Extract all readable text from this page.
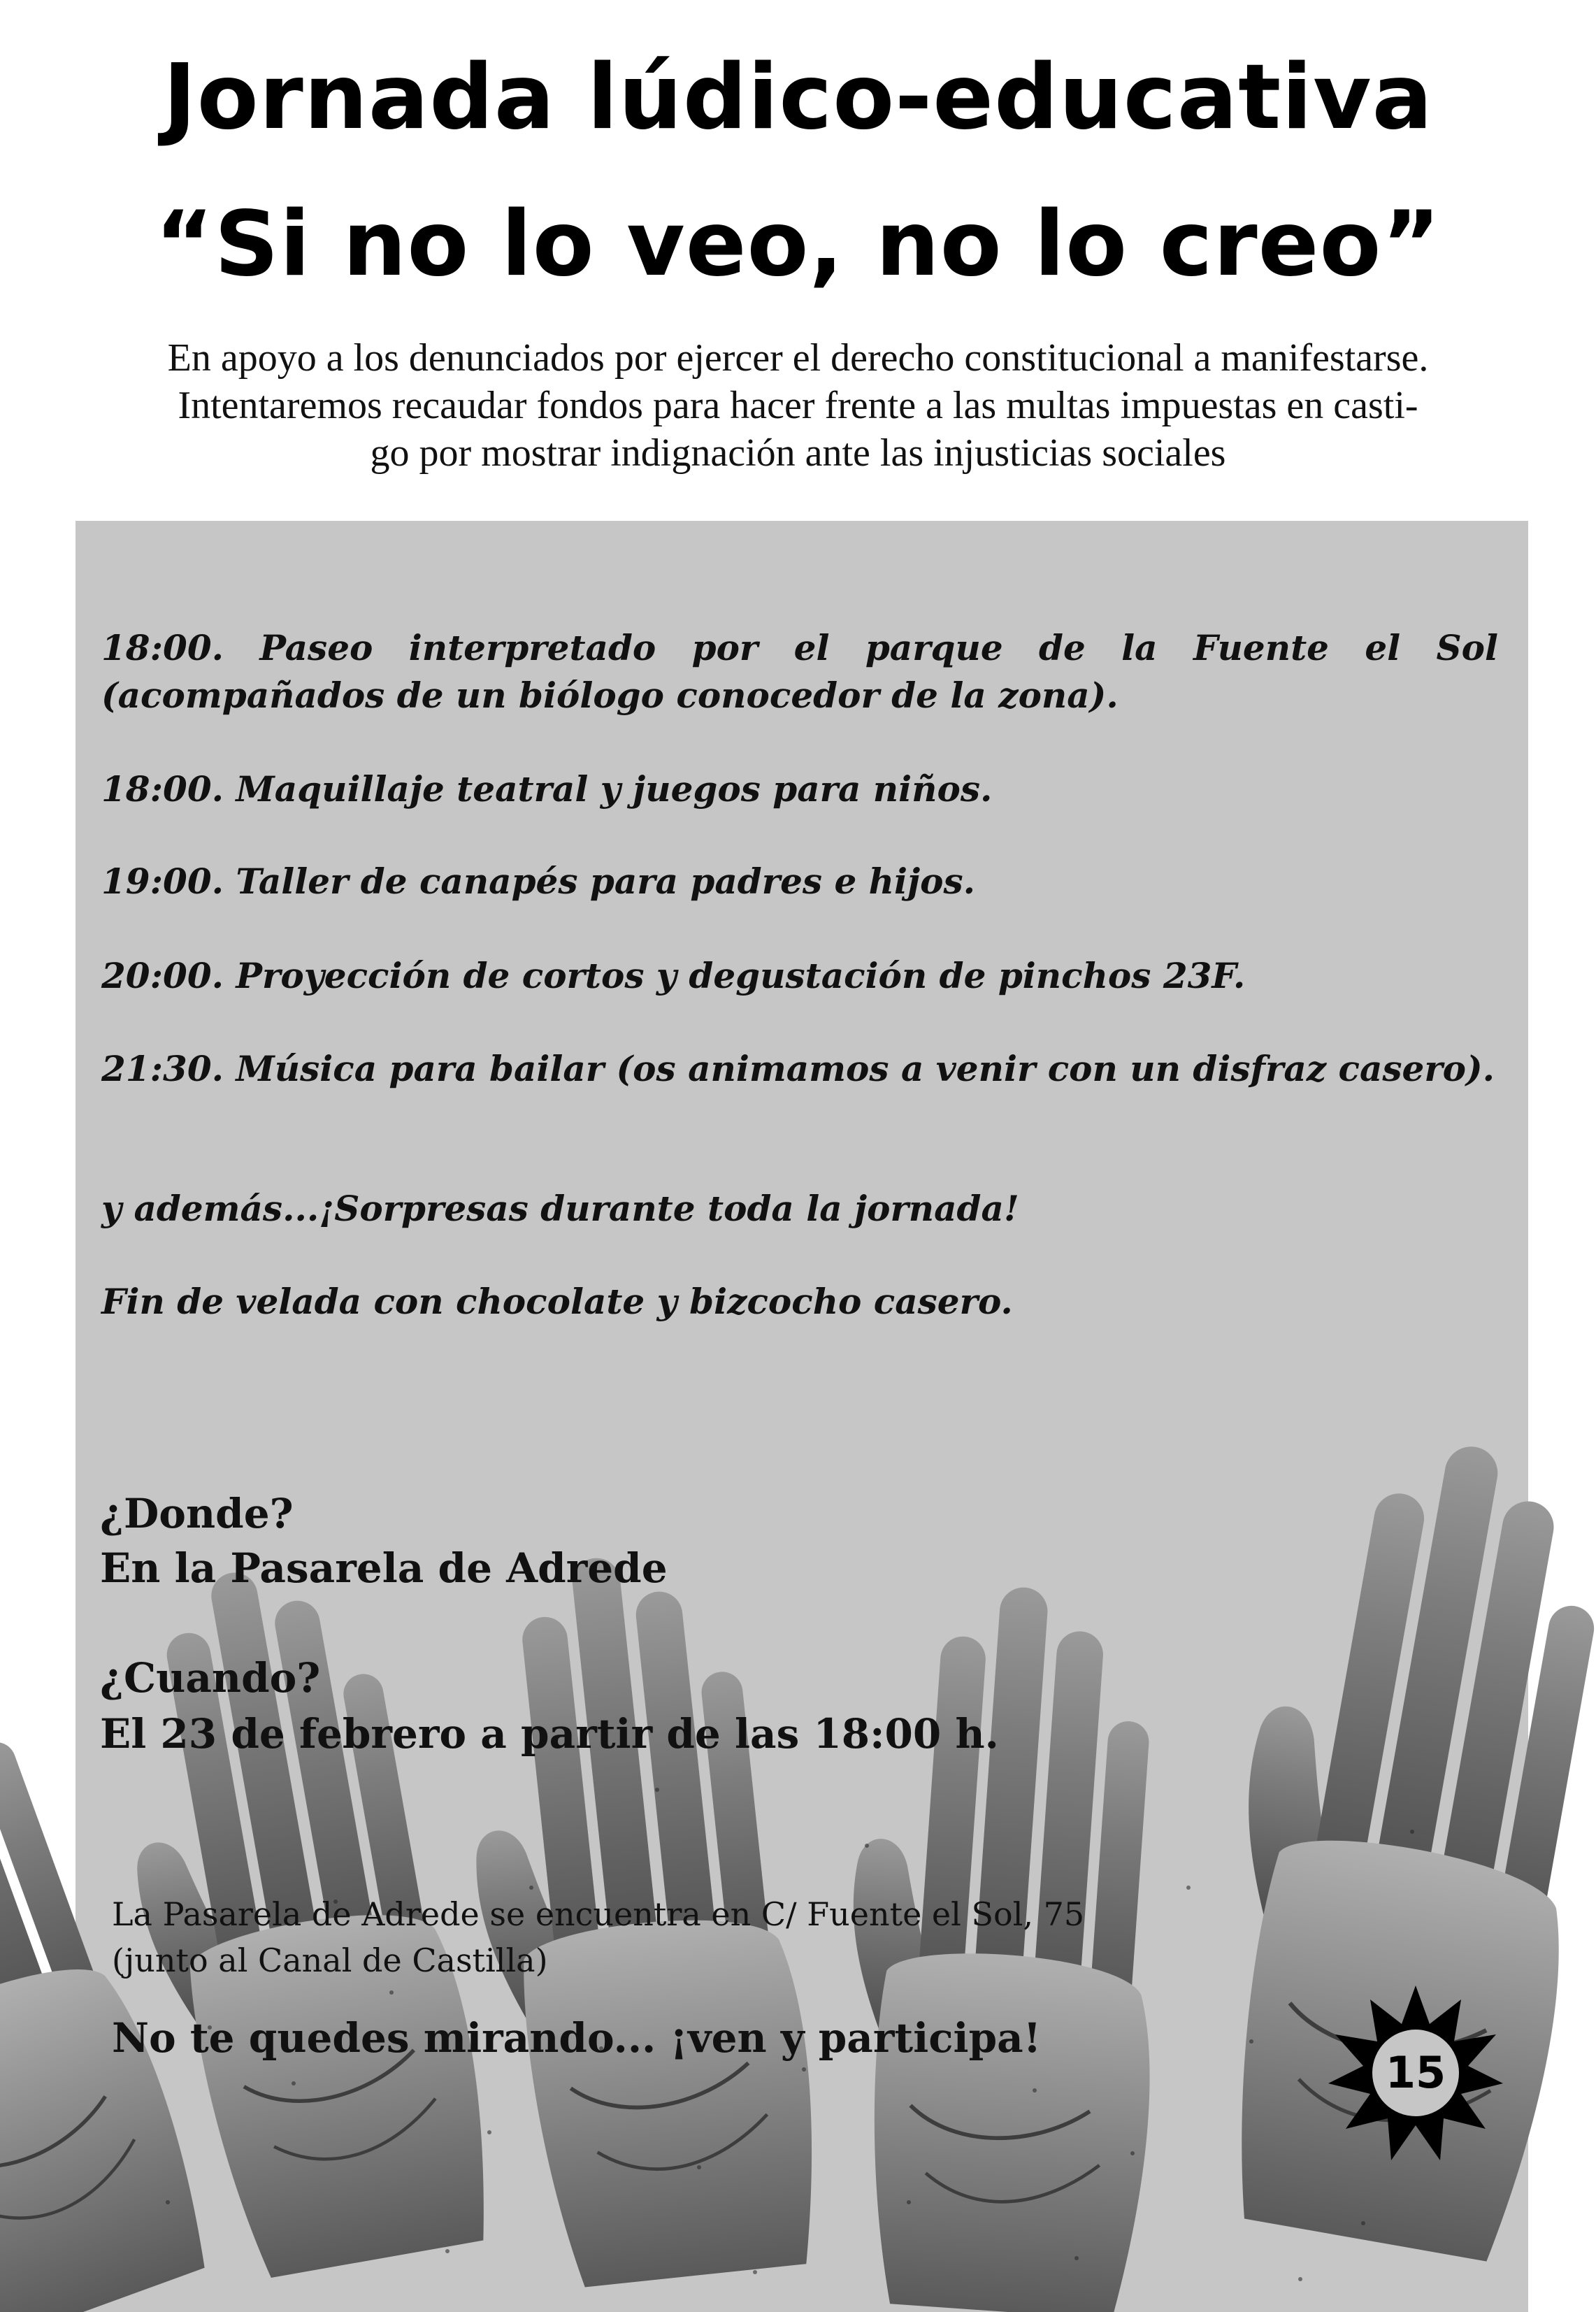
Jornada lúdico-educativa
“Si no lo veo, no lo creo”
En apoyo a los denunciados por ejercer el derecho constitucional a manifestarse.
Intentaremos recaudar fondos para hacer frente a las multas impuestas en casti-
go por mostrar indignación ante las injusticias sociales
18:00. Paseo interpretado por el parque de la Fuente el Sol (acompañados de un biólogo conocedor de la zona).
18:00. Maquillaje teatral y juegos para niños.
19:00. Taller de canapés para padres e hijos.
20:00. Proyección de cortos y degustación de pinchos 23F.
21:30. Música para bailar (os animamos a venir con un disfraz casero).
y además...¡Sorpresas durante toda la jornada!
Fin de velada con chocolate y bizcocho casero.
¿Donde?
En la Pasarela de Adrede
¿Cuando?
El 23 de febrero a partir de las 18:00 h.
La Pasarela de Adrede se encuentra en C/ Fuente el Sol, 75
(junto al Canal de Castilla)
No te quedes mirando... ¡ven y participa!
15
